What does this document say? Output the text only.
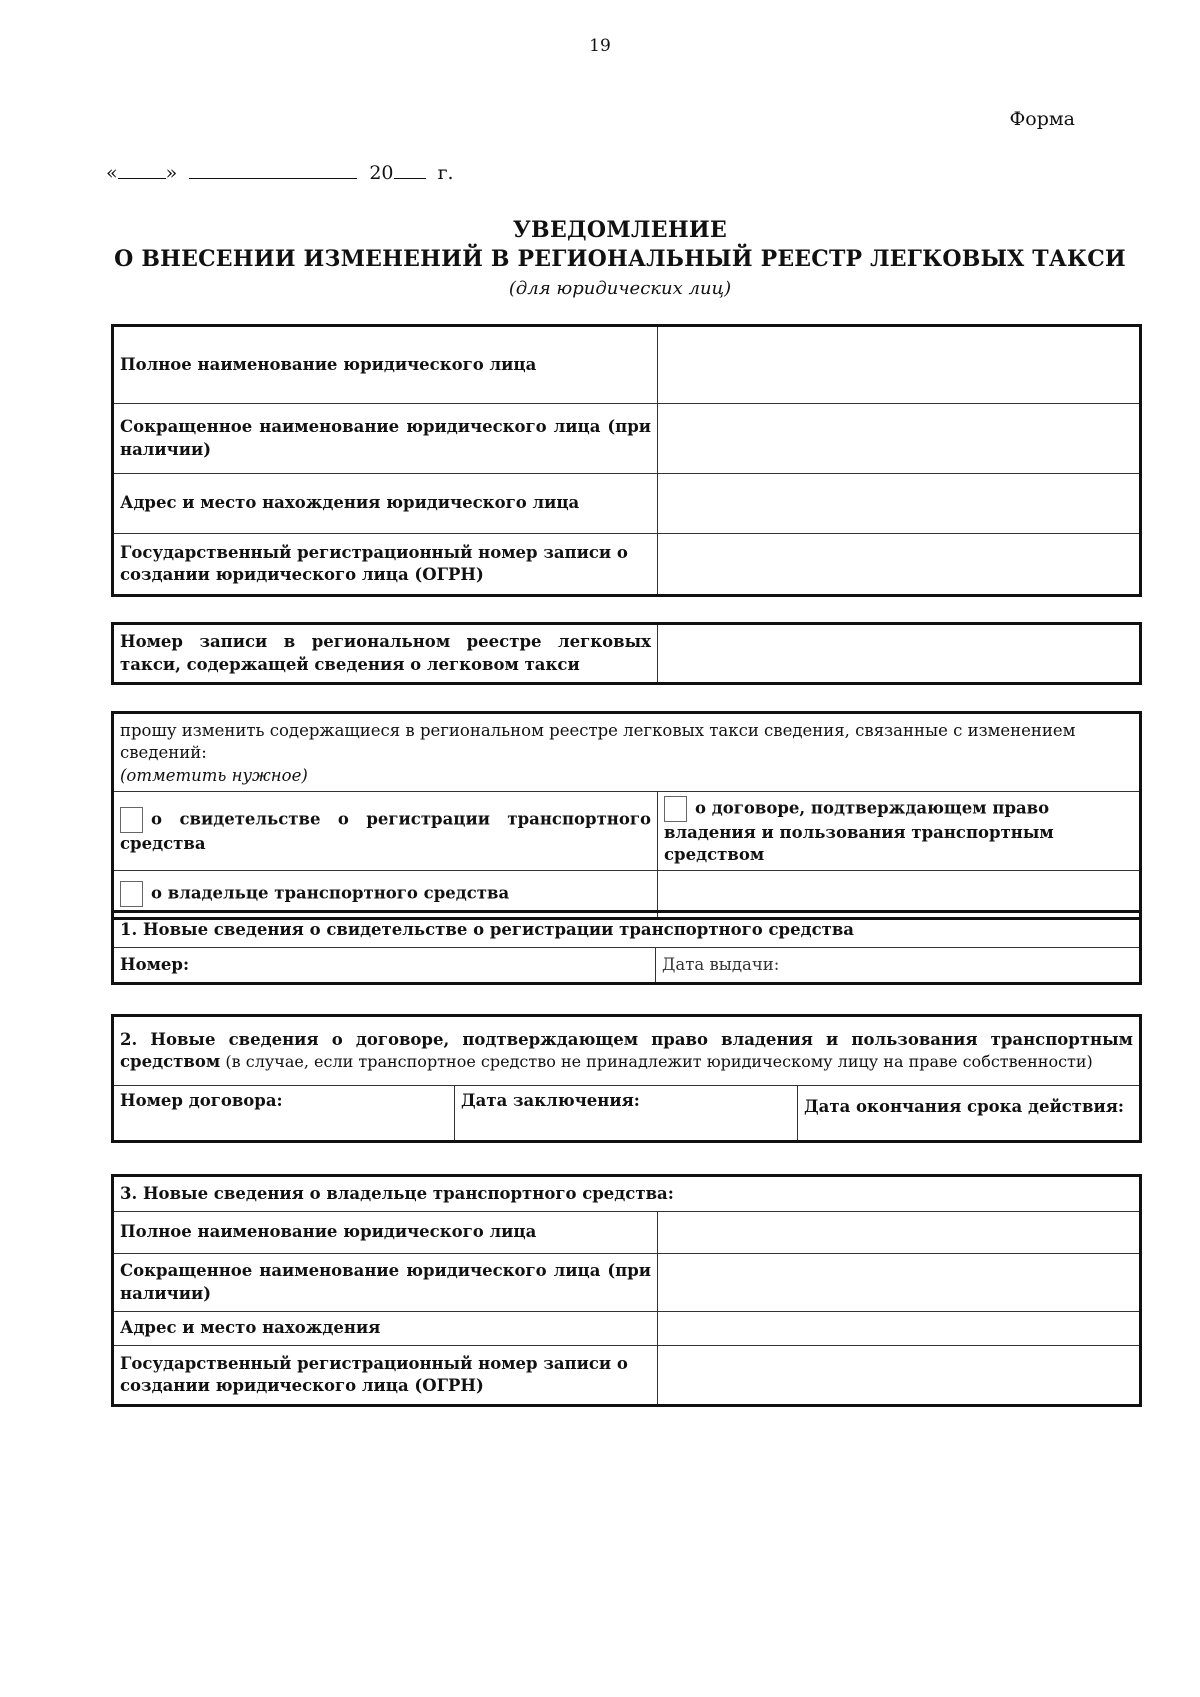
19
Форма
«	»	20 г.
УВЕДОМЛЕНИЕ
О ВНЕСЕНИИ ИЗМЕНЕНИЙ В РЕГИОНАЛЬНЫЙ РЕЕСТР ЛЕГКОВЫХ ТАКСИ
(для юридических лиц)
Полное наименование юридического лица	
Сокращенное наименование юридического лица (при наличии)	
Адрес и место нахождения юридического лица	
Государственный регистрационный номер записи о создании юридического лица (ОГРН)	
Номер записи в региональном реестре легковых такси, содержащей сведения о легковом такси	
прошу изменить содержащиеся в региональном реестре легковых такси сведения, связанные с изменением сведений:
(отметить нужное)	

о свидетельстве о регистрации транспортного средства	о договоре, подтверждающем право владения и пользования транспортным средством
о владельце транспортного средства	
1. Новые сведения о свидетельстве о регистрации транспортного средства
Номер:	Дата выдачи:
2. Новые сведения о договоре, подтверждающем право владения и пользования транспортным средством (в случае, если транспортное средство не принадлежит юридическому лицу на праве собственности)
Номер договора:	Дата заключения:	Дата окончания срока действия:
3. Новые сведения о владельце транспортного средства:	
Полное наименование юридического лица	
Сокращенное наименование юридического лица (при наличии)	
Адрес и место нахождения	
Государственный регистрационный номер записи о создании юридического лица (ОГРН)	
